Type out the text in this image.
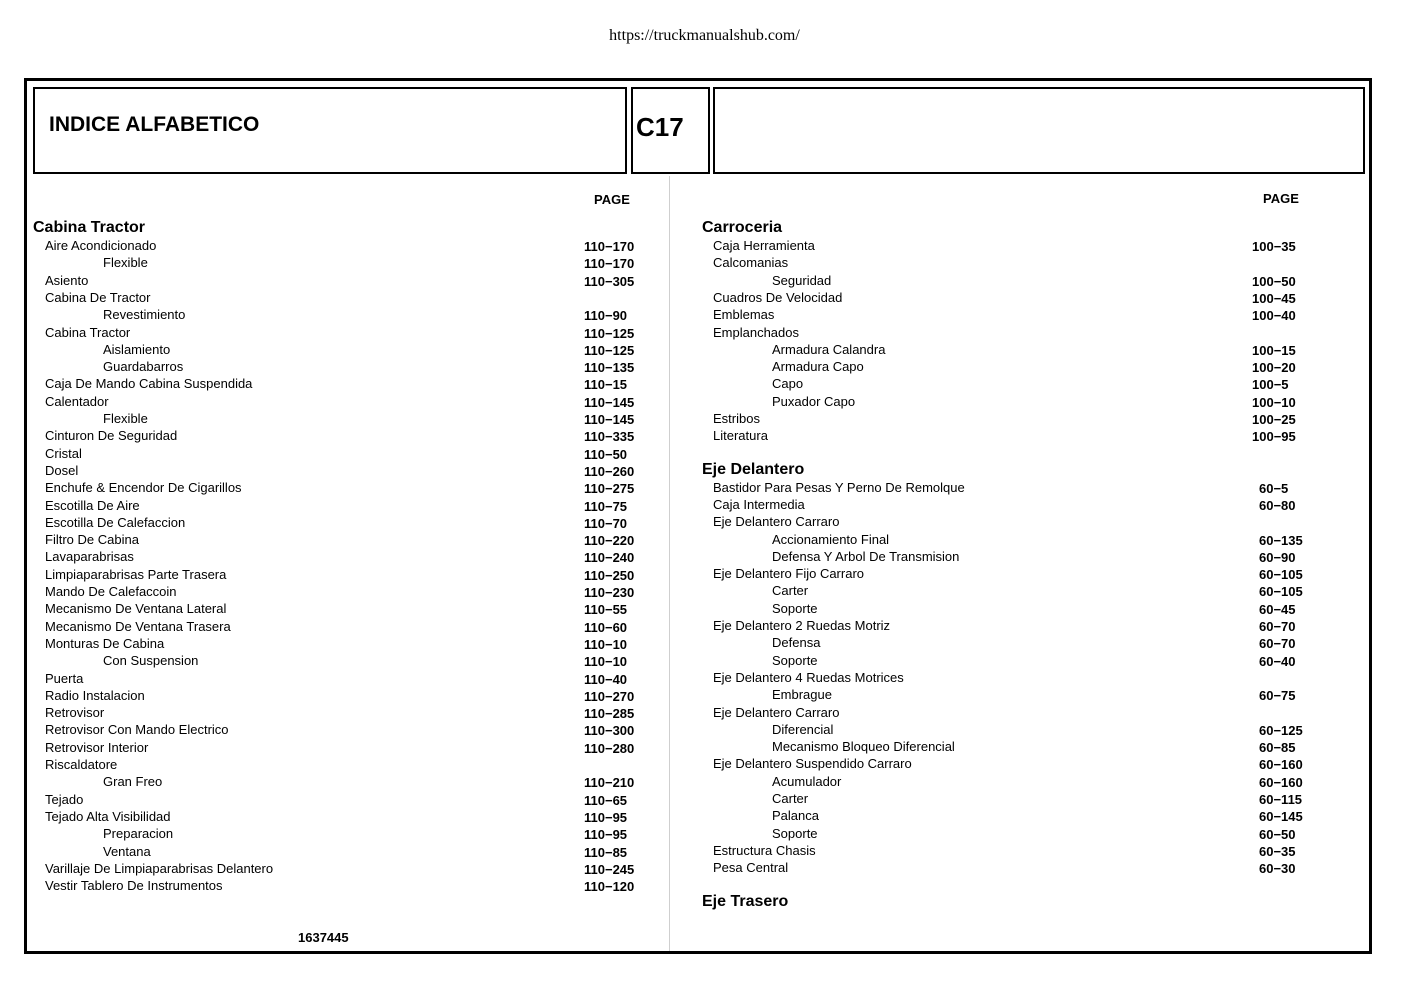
https://truckmanualshub.com/
INDICE ALFABETICO	C17
PAGE	PAGE
Cabina Tractor
Aire Acondicionado	110−170
Flexible	110−170
Asiento	110−305
Cabina De Tractor
Revestimiento	110−90
Cabina Tractor	110−125
Aislamiento	110−125
Guardabarros	110−135
Caja De Mando Cabina Suspendida	110−15
Calentador	110−145
Flexible	110−145
Cinturon De Seguridad	110−335
Cristal	110−50
Dosel	110−260
Enchufe & Encendor De Cigarillos	110−275
Escotilla De Aire	110−75
Escotilla De Calefaccion	110−70
Filtro De Cabina	110−220
Lavaparabrisas	110−240
Limpiaparabrisas Parte Trasera	110−250
Mando De Calefaccoin	110−230
Mecanismo De Ventana Lateral	110−55
Mecanismo De Ventana Trasera	110−60
Monturas De Cabina	110−10
Con Suspension	110−10
Puerta	110−40
Radio Instalacion	110−270
Retrovisor	110−285
Retrovisor Con Mando Electrico	110−300
Retrovisor Interior	110−280
Riscaldatore
Gran Freo	110−210
Tejado	110−65
Tejado Alta Visibilidad	110−95
Preparacion	110−95
Ventana	110−85
Varillaje De Limpiaparabrisas Delantero	110−245
Vestir Tablero De Instrumentos	110−120
Carroceria
Caja Herramienta	100−35
Calcomanias
Seguridad	100−50
Cuadros De Velocidad	100−45
Emblemas	100−40
Emplanchados
Armadura Calandra	100−15
Armadura Capo	100−20
Capo	100−5
Puxador Capo	100−10
Estribos	100−25
Literatura	100−95
Eje Delantero
Bastidor Para Pesas Y Perno De Remolque	60−5
Caja Intermedia	60−80
Eje Delantero Carraro
Accionamiento Final	60−135
Defensa Y Arbol De Transmision	60−90
Eje Delantero Fijo Carraro	60−105
Carter	60−105
Soporte	60−45
Eje Delantero 2 Ruedas Motriz	60−70
Defensa	60−70
Soporte	60−40
Eje Delantero 4 Ruedas Motrices
Embrague	60−75
Eje Delantero Carraro
Diferencial	60−125
Mecanismo Bloqueo Diferencial	60−85
Eje Delantero Suspendido Carraro	60−160
Acumulador	60−160
Carter	60−115
Palanca	60−145
Soporte	60−50
Estructura Chasis	60−35
Pesa Central	60−30
Eje Trasero
1637445
